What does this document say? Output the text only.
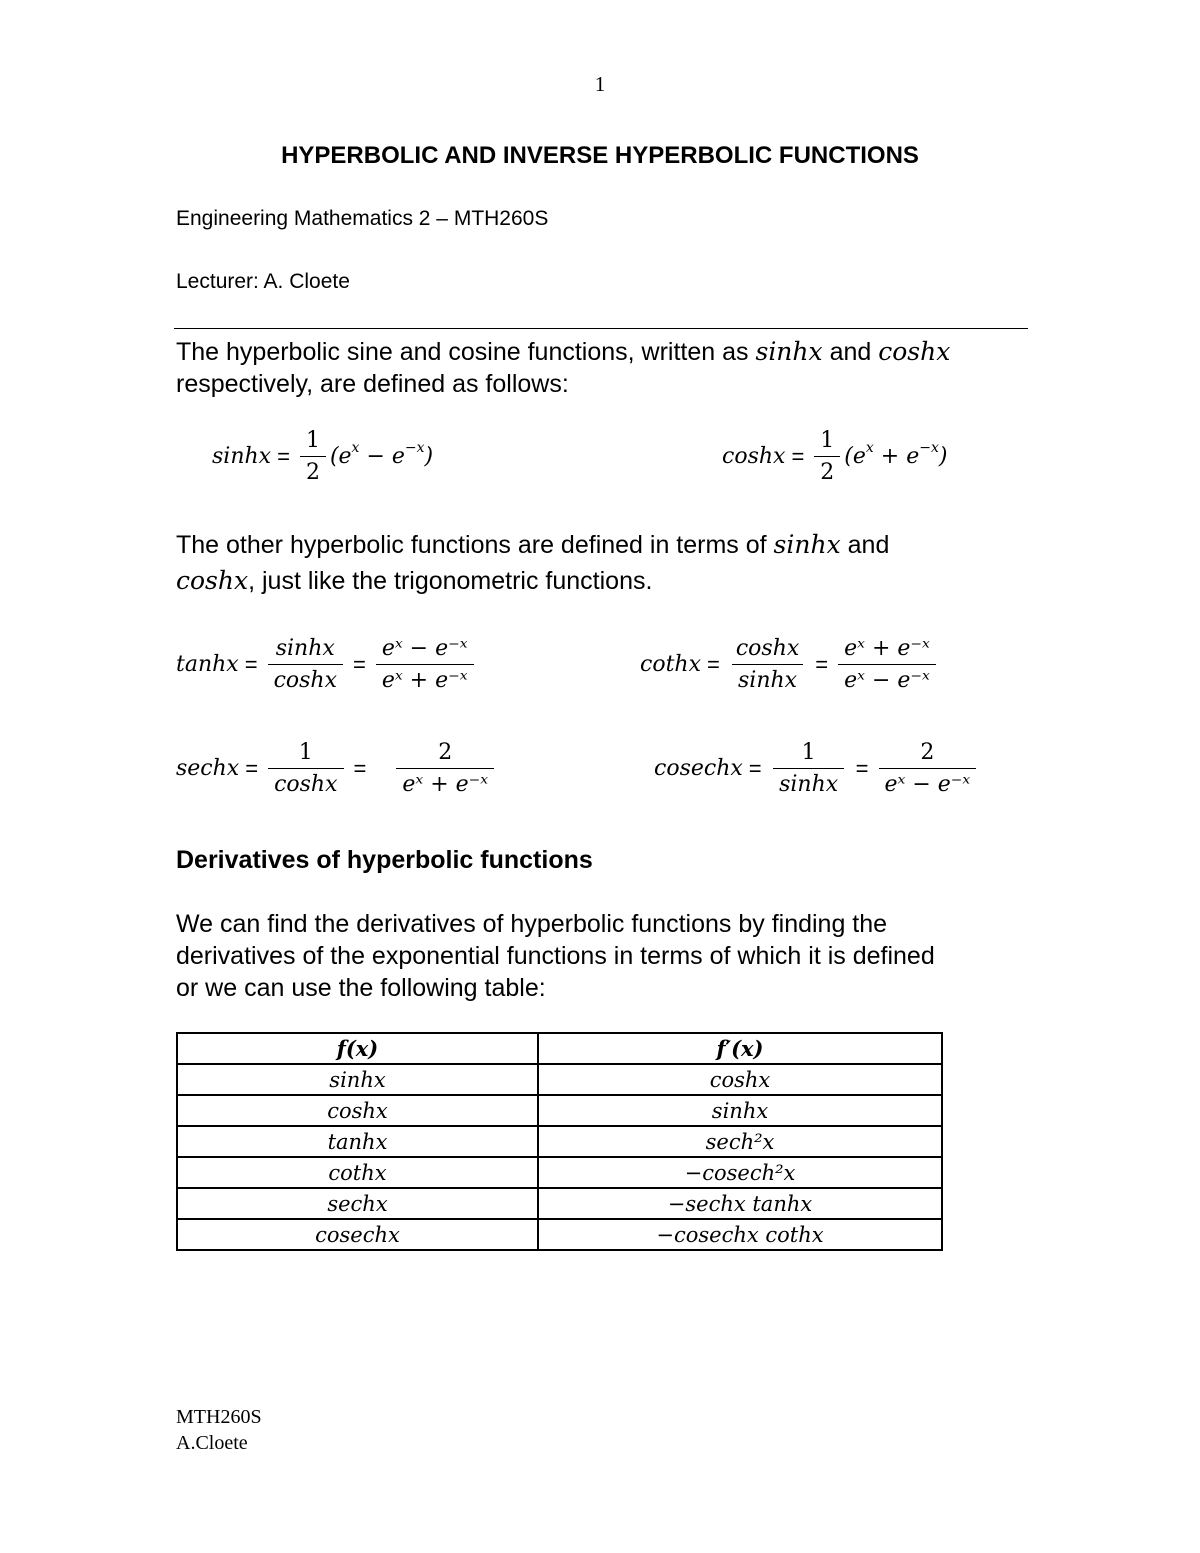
1
HYPERBOLIC AND INVERSE HYPERBOLIC FUNCTIONS
Engineering Mathematics 2 – MTH260S
Lecturer: A. Cloete
The hyperbolic sine and cosine functions, written as sinhx and coshx
respectively, are defined as follows:
$\sinh x = \frac{1}{2} (e^x - e^{-x})$	$\cosh x = \frac{1}{2} (e^x + e^{-x})$
The other hyperbolic functions are defined in terms of sinhx and
coshx, just like the trigonometric functions.
$\tanh x = \frac{\sinh x}{\cosh x} = \frac{\text{eˣ − e⁻ˣ}}{\text{eˣ + e⁻ˣ}}$	cothx = $\frac{\cosh x}{\sinh x} = \frac{\text{eˣ + e⁻ˣ}}{\text{eˣ − e⁻ˣ}}$
sechx = $\frac{1}{\cosh x} = \frac{2}{\text{eˣ + e⁻ˣ}}$	cosechx = $\frac{1}{\sinh x} = \frac{2}{\text{eˣ − e⁻ˣ}}$
Derivatives of hyperbolic functions
We can find the derivatives of hyperbolic functions by finding the
derivatives of the exponential functions in terms of which it is defined
or we can use the following table:
f(x)	f′(x)
sinhx	coshx
coshx	sinhx
tanhx	sech²x
cothx	−cosech²x
sechx	−sechx tanhx
cosechx	−cosechx cothx
MTH260S
A.Cloete
